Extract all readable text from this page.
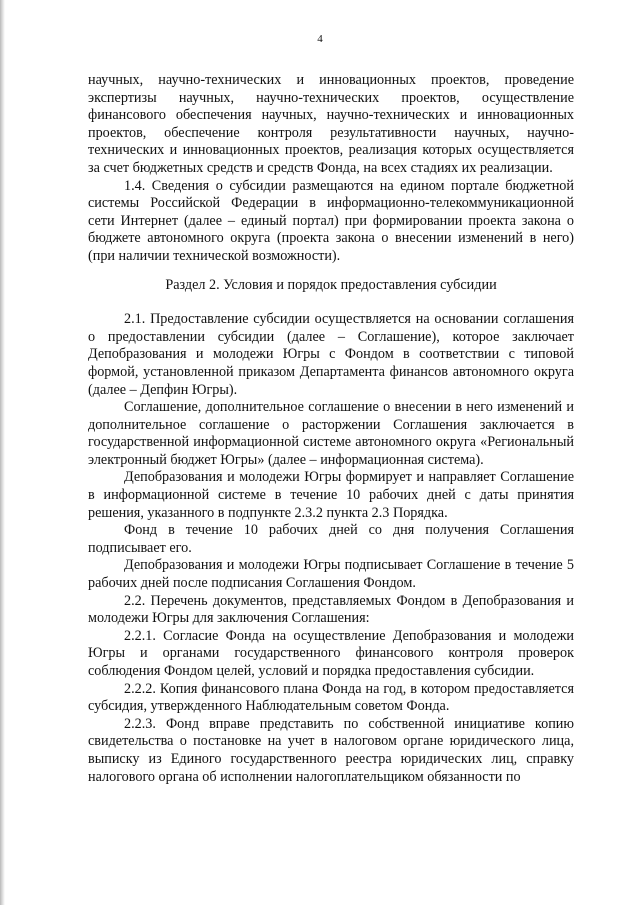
4

научных, научно-технических и инновационных проектов, проведение экспертизы научных, научно-технических проектов, осуществление финансового обеспечения научных, научно-технических и инновационных проектов, обеспечение контроля результативности научных, научно-технических и инновационных проектов, реализация которых осуществляется за счет бюджетных средств и средств Фонда, на всех стадиях их реализации.

1.4. Сведения о субсидии размещаются на едином портале бюджетной системы Российской Федерации в информационно-телекоммуникационной сети Интернет (далее – единый портал) при формировании проекта закона о бюджете автономного округа (проекта закона о внесении изменений в него) (при наличии технической возможности).

Раздел 2. Условия и порядок предоставления субсидии

2.1. Предоставление субсидии осуществляется на основании соглашения о предоставлении субсидии (далее – Соглашение), которое заключает Депобразования и молодежи Югры с Фондом в соответствии с типовой формой, установленной приказом Департамента финансов автономного округа (далее – Депфин Югры).

Соглашение, дополнительное соглашение о внесении в него изменений и дополнительное соглашение о расторжении Соглашения заключается в государственной информационной системе автономного округа «Региональный электронный бюджет Югры» (далее – информационная система).

Депобразования и молодежи Югры формирует и направляет Соглашение в информационной системе в течение 10 рабочих дней с даты принятия решения, указанного в подпункте 2.3.2 пункта 2.3 Порядка.

Фонд в течение 10 рабочих дней со дня получения Соглашения подписывает его.

Депобразования и молодежи Югры подписывает Соглашение в течение 5 рабочих дней после подписания Соглашения Фондом.

2.2. Перечень документов, представляемых Фондом в Депобразования и молодежи Югры для заключения Соглашения:

2.2.1. Согласие Фонда на осуществление Депобразования и молодежи Югры и органами государственного финансового контроля проверок соблюдения Фондом целей, условий и порядка предоставления субсидии.

2.2.2. Копия финансового плана Фонда на год, в котором предоставляется субсидия, утвержденного Наблюдательным советом Фонда.

2.2.3. Фонд вправе представить по собственной инициативе копию свидетельства о постановке на учет в налоговом органе юридического лица, выписку из Единого государственного реестра юридических лиц, справку налогового органа об исполнении налогоплательщиком обязанности по
